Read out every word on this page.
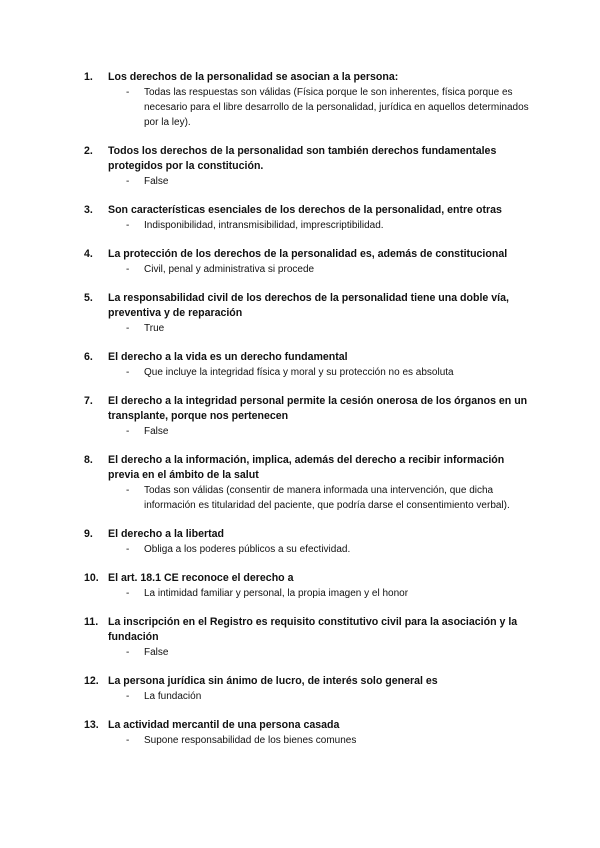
1.	Los derechos de la personalidad se asocian a la persona:

- Todas las respuestas son válidas (Física porque le son inherentes, física porque es necesario para el libre desarrollo de la personalidad, jurídica en aquellos determinados por la ley).
2.	Todos los derechos de la personalidad son también derechos fundamentales protegidos por la constitución.

- False
3.	Son características esenciales de los derechos de la personalidad, entre otras

- Indisponibilidad, intransmisibilidad, imprescriptibilidad.
4.	La protección de los derechos de la personalidad es, además de constitucional

- Civil, penal y administrativa si procede
5.	La responsabilidad civil de los derechos de la personalidad tiene una doble vía, preventiva y de reparación

- True
6.	El derecho a la vida es un derecho fundamental

- Que incluye la integridad física y moral y su protección no es absoluta
7.	El derecho a la integridad personal permite la cesión onerosa de los órganos en un transplante, porque nos pertenecen

- False
8.	El derecho a la información, implica, además del derecho a recibir información previa en el ámbito de la salut

- Todas son válidas (consentir de manera informada una intervención, que dicha información es titularidad del paciente, que podría darse el consentimiento verbal).
9.	El derecho a la libertad

- Obliga a los poderes públicos a su efectividad.
10. El art. 18.1 CE reconoce el derecho a

- La intimidad familiar y personal, la propia imagen y el honor
11. La inscripción en el Registro es requisito constitutivo civil para la asociación y la fundación

- False
12. La persona jurídica sin ánimo de lucro, de interés solo general es

- La fundación
13. La actividad mercantil de una persona casada

- Supone responsabilidad de los bienes comunes
